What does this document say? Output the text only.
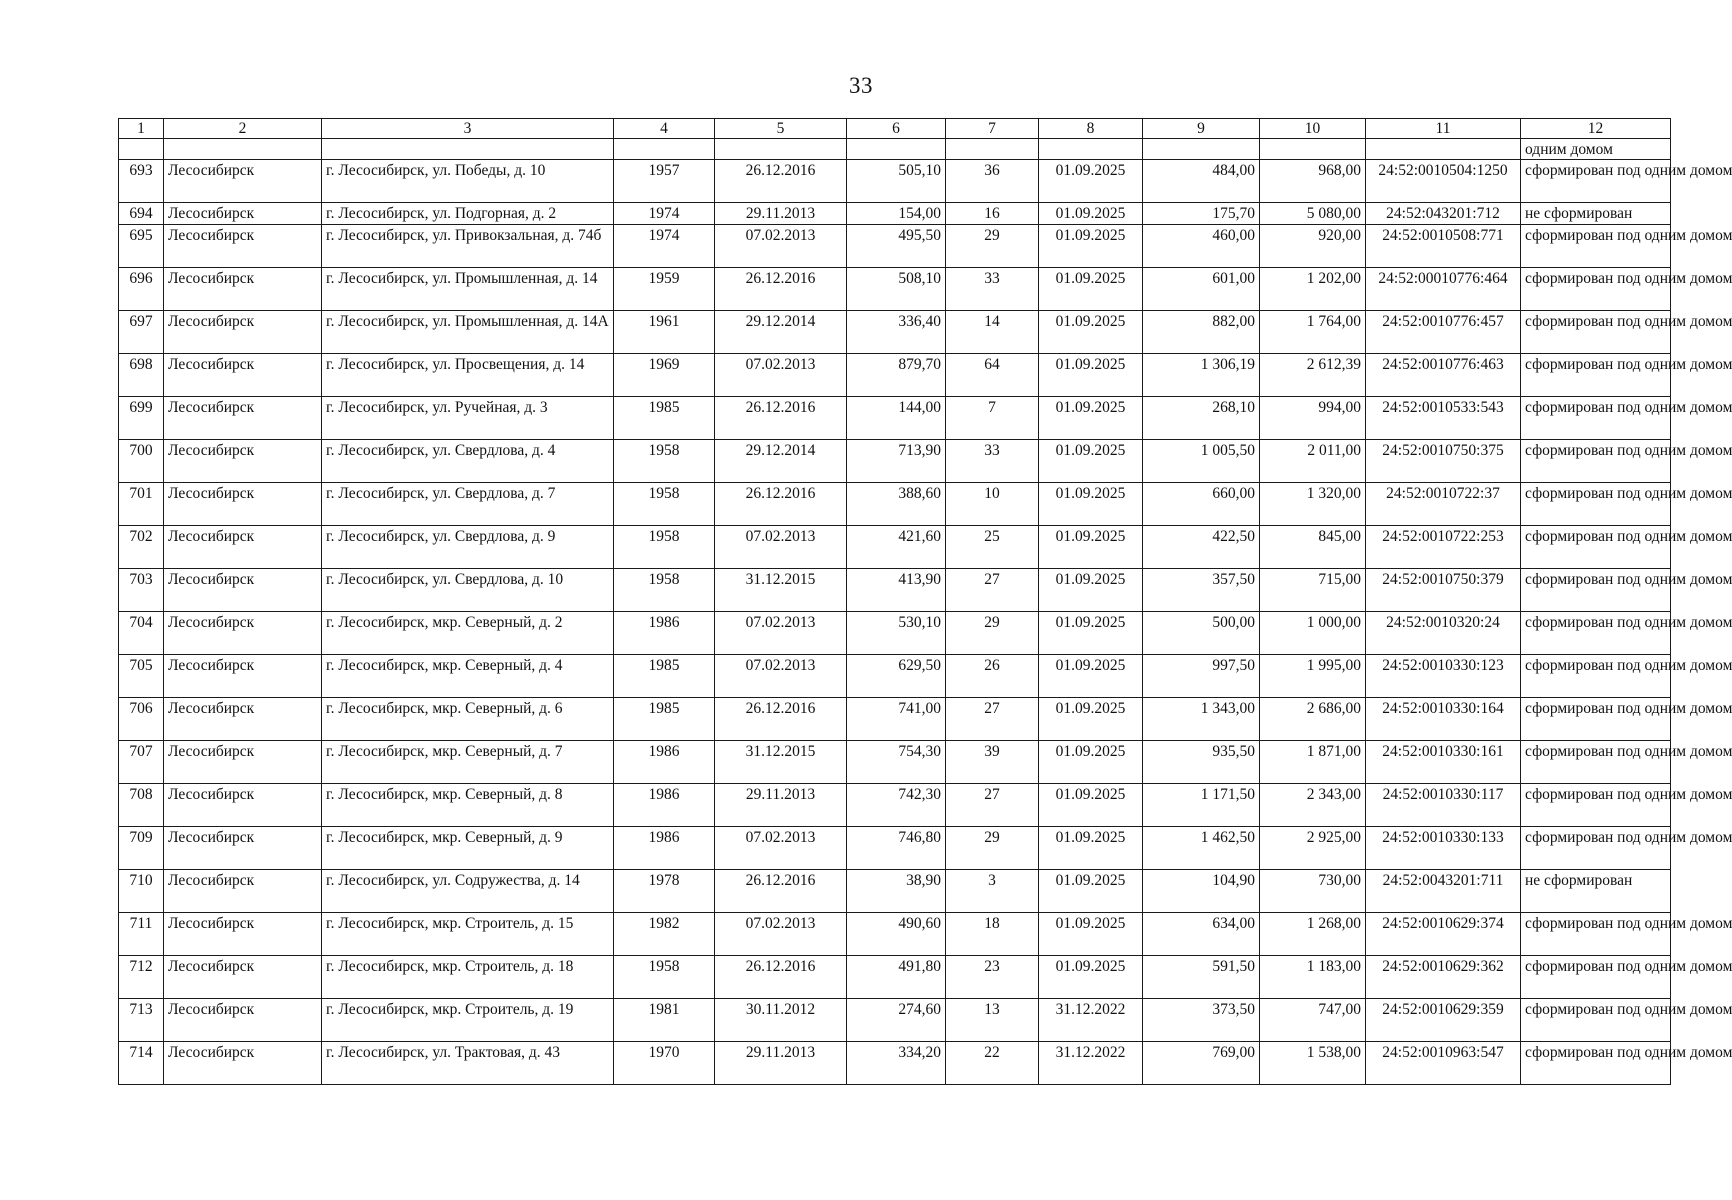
33
1	2	3	4	5	6	7	8	9	10	11	12
											одним домом
693	Лесосибирск	г. Лесосибирск, ул. Победы, д. 10	1957	26.12.2016	505,10	36	01.09.2025	484,00	968,00	24:52:0010504:1250	сформирован под одним домом
694	Лесосибирск	г. Лесосибирск, ул. Подгорная, д. 2	1974	29.11.2013	154,00	16	01.09.2025	175,70	5 080,00	24:52:043201:712	не сформирован
695	Лесосибирск	г. Лесосибирск, ул. Привокзальная, д. 74б	1974	07.02.2013	495,50	29	01.09.2025	460,00	920,00	24:52:0010508:771	сформирован под одним домом
696	Лесосибирск	г. Лесосибирск, ул. Промышленная, д. 14	1959	26.12.2016	508,10	33	01.09.2025	601,00	1 202,00	24:52:00010776:464	сформирован под одним домом
697	Лесосибирск	г. Лесосибирск, ул. Промышленная, д. 14А	1961	29.12.2014	336,40	14	01.09.2025	882,00	1 764,00	24:52:0010776:457	сформирован под одним домом
698	Лесосибирск	г. Лесосибирск, ул. Просвещения, д. 14	1969	07.02.2013	879,70	64	01.09.2025	1 306,19	2 612,39	24:52:0010776:463	сформирован под одним домом
699	Лесосибирск	г. Лесосибирск, ул. Ручейная, д. 3	1985	26.12.2016	144,00	7	01.09.2025	268,10	994,00	24:52:0010533:543	сформирован под одним домом
700	Лесосибирск	г. Лесосибирск, ул. Свердлова, д. 4	1958	29.12.2014	713,90	33	01.09.2025	1 005,50	2 011,00	24:52:0010750:375	сформирован под одним домом
701	Лесосибирск	г. Лесосибирск, ул. Свердлова, д. 7	1958	26.12.2016	388,60	10	01.09.2025	660,00	1 320,00	24:52:0010722:37	сформирован под одним домом
702	Лесосибирск	г. Лесосибирск, ул. Свердлова, д. 9	1958	07.02.2013	421,60	25	01.09.2025	422,50	845,00	24:52:0010722:253	сформирован под одним домом
703	Лесосибирск	г. Лесосибирск, ул. Свердлова, д. 10	1958	31.12.2015	413,90	27	01.09.2025	357,50	715,00	24:52:0010750:379	сформирован под одним домом
704	Лесосибирск	г. Лесосибирск, мкр. Северный, д. 2	1986	07.02.2013	530,10	29	01.09.2025	500,00	1 000,00	24:52:0010320:24	сформирован под одним домом
705	Лесосибирск	г. Лесосибирск, мкр. Северный, д. 4	1985	07.02.2013	629,50	26	01.09.2025	997,50	1 995,00	24:52:0010330:123	сформирован под одним домом
706	Лесосибирск	г. Лесосибирск, мкр. Северный, д. 6	1985	26.12.2016	741,00	27	01.09.2025	1 343,00	2 686,00	24:52:0010330:164	сформирован под одним домом
707	Лесосибирск	г. Лесосибирск, мкр. Северный, д. 7	1986	31.12.2015	754,30	39	01.09.2025	935,50	1 871,00	24:52:0010330:161	сформирован под одним домом
708	Лесосибирск	г. Лесосибирск, мкр. Северный, д. 8	1986	29.11.2013	742,30	27	01.09.2025	1 171,50	2 343,00	24:52:0010330:117	сформирован под одним домом
709	Лесосибирск	г. Лесосибирск, мкр. Северный, д. 9	1986	07.02.2013	746,80	29	01.09.2025	1 462,50	2 925,00	24:52:0010330:133	сформирован под одним домом
710	Лесосибирск	г. Лесосибирск, ул. Содружества, д. 14	1978	26.12.2016	38,90	3	01.09.2025	104,90	730,00	24:52:0043201:711	не сформирован
711	Лесосибирск	г. Лесосибирск, мкр. Строитель, д. 15	1982	07.02.2013	490,60	18	01.09.2025	634,00	1 268,00	24:52:0010629:374	сформирован под одним домом
712	Лесосибирск	г. Лесосибирск, мкр. Строитель, д. 18	1958	26.12.2016	491,80	23	01.09.2025	591,50	1 183,00	24:52:0010629:362	сформирован под одним домом
713	Лесосибирск	г. Лесосибирск, мкр. Строитель, д. 19	1981	30.11.2012	274,60	13	31.12.2022	373,50	747,00	24:52:0010629:359	сформирован под одним домом
714	Лесосибирск	г. Лесосибирск, ул. Трактовая, д. 43	1970	29.11.2013	334,20	22	31.12.2022	769,00	1 538,00	24:52:0010963:547	сформирован под одним домом
